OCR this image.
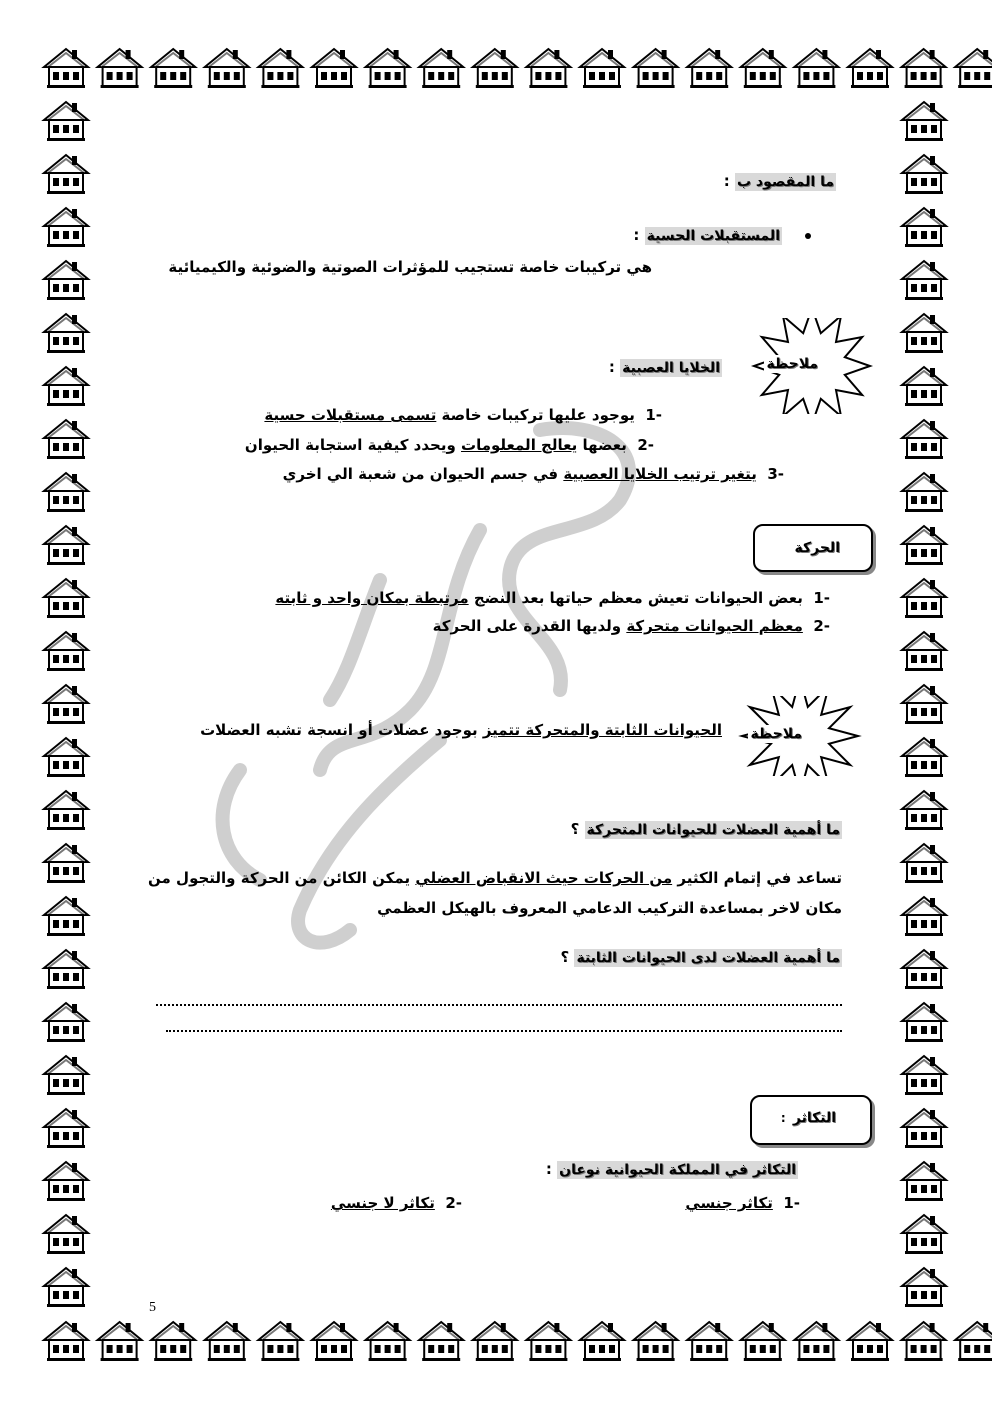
ما المقصود ب :
المستقبلات الحسية :
هي تركيبات خاصة تستجيب للمؤثرات الصوتية والضوئية والكيميائية
ملاحظة
الخلايا العصبية :
-1  يوجود عليها تركيبات خاصة تسمى مستقبلات حسية
-2  بعضها يعالج المعلومات ويحدد كيفية استجابة الحيوان
-3  يتغير ترتيب الخلايا العصبية في جسم الحيوان من شعبة الي اخري
الحركة
-1  بعض الحيوانات تعيش معظم حياتها بعد النضج مرتبطة بمكان واحد و ثابته
-2  معظم الحيوانات متحركة ولديها القدرة على الحركة
ملاحظة
الحيوانات الثابتة والمتحركة تتميز بوجود عضلات أو انسجة تشبه العضلات
ما أهمية العضلات للحيوانات المتحركة ؟
تساعد في إتمام الكثير من الحركات حيث الانقباض العضلي يمكن الكائن من الحركة والتجول من
مكان لاخر بمساعدة التركيب الدعامي المعروف بالهيكل العظمي
ما أهمية العضلات لدى الحيوانات الثابتة ؟
التكاثر :
التكاثر في المملكة الحيوانية نوعان :
-1  تكاثر جنسي
-2  تكاثر لا جنسي
5
